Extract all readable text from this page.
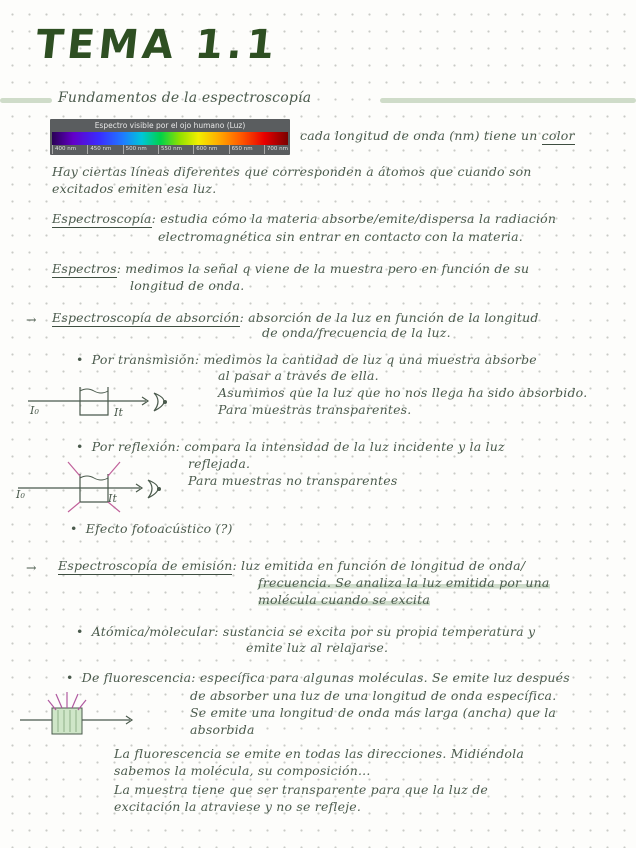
TEMA 1.1
Fundamentos de la espectroscopía
Espectro visible por el ojo humano (Luz)
400 nm	450 nm	500 nm	550 nm	600 nm	650 nm	700 nm
cada longitud de onda (nm) tiene un color
Hay ciertas líneas diferentes que corresponden a átomos que cuando son
excitados emiten esa luz.
Espectroscopía: estudia cómo la materia absorbe/emite/dispersa la radiación
electromagnética sin entrar en contacto con la materia.
Espectros: medimos la señal q viene de la muestra pero en función de su
longitud de onda.
→ Espectroscopía de absorción: absorción de la luz en función de la longitud
de onda/frecuencia de la luz.
• Por transmisión: medimos la cantidad de luz q una muestra absorbe
al pasar a través de ella.
Asumimos que la luz que no nos llega ha sido absorbido.
Para muestras transparentes.
I₀	It
• Por reflexión: compara la intensidad de la luz incidente y la luz
reflejada.
Para muestras no transparentes
I₀	It
• Efecto fotoacústico (?)
→ Espectroscopía de emisión: luz emitida en función de longitud de onda/
frecuencia. Se analiza la luz emitida por una
molécula cuando se excita
• Atómica/molecular: sustancia se excita por su propia temperatura y
emite luz al relajarse.
• De fluorescencia: específica para algunas moléculas. Se emite luz después
de absorber una luz de una longitud de onda específica.
Se emite una longitud de onda más larga (ancha) que la
absorbida
La fluorescencia se emite en todas las direcciones. Midiéndola
sabemos la molécula, su composición...
La muestra tiene que ser transparente para que la luz de
excitación la atraviese y no se refleje.
